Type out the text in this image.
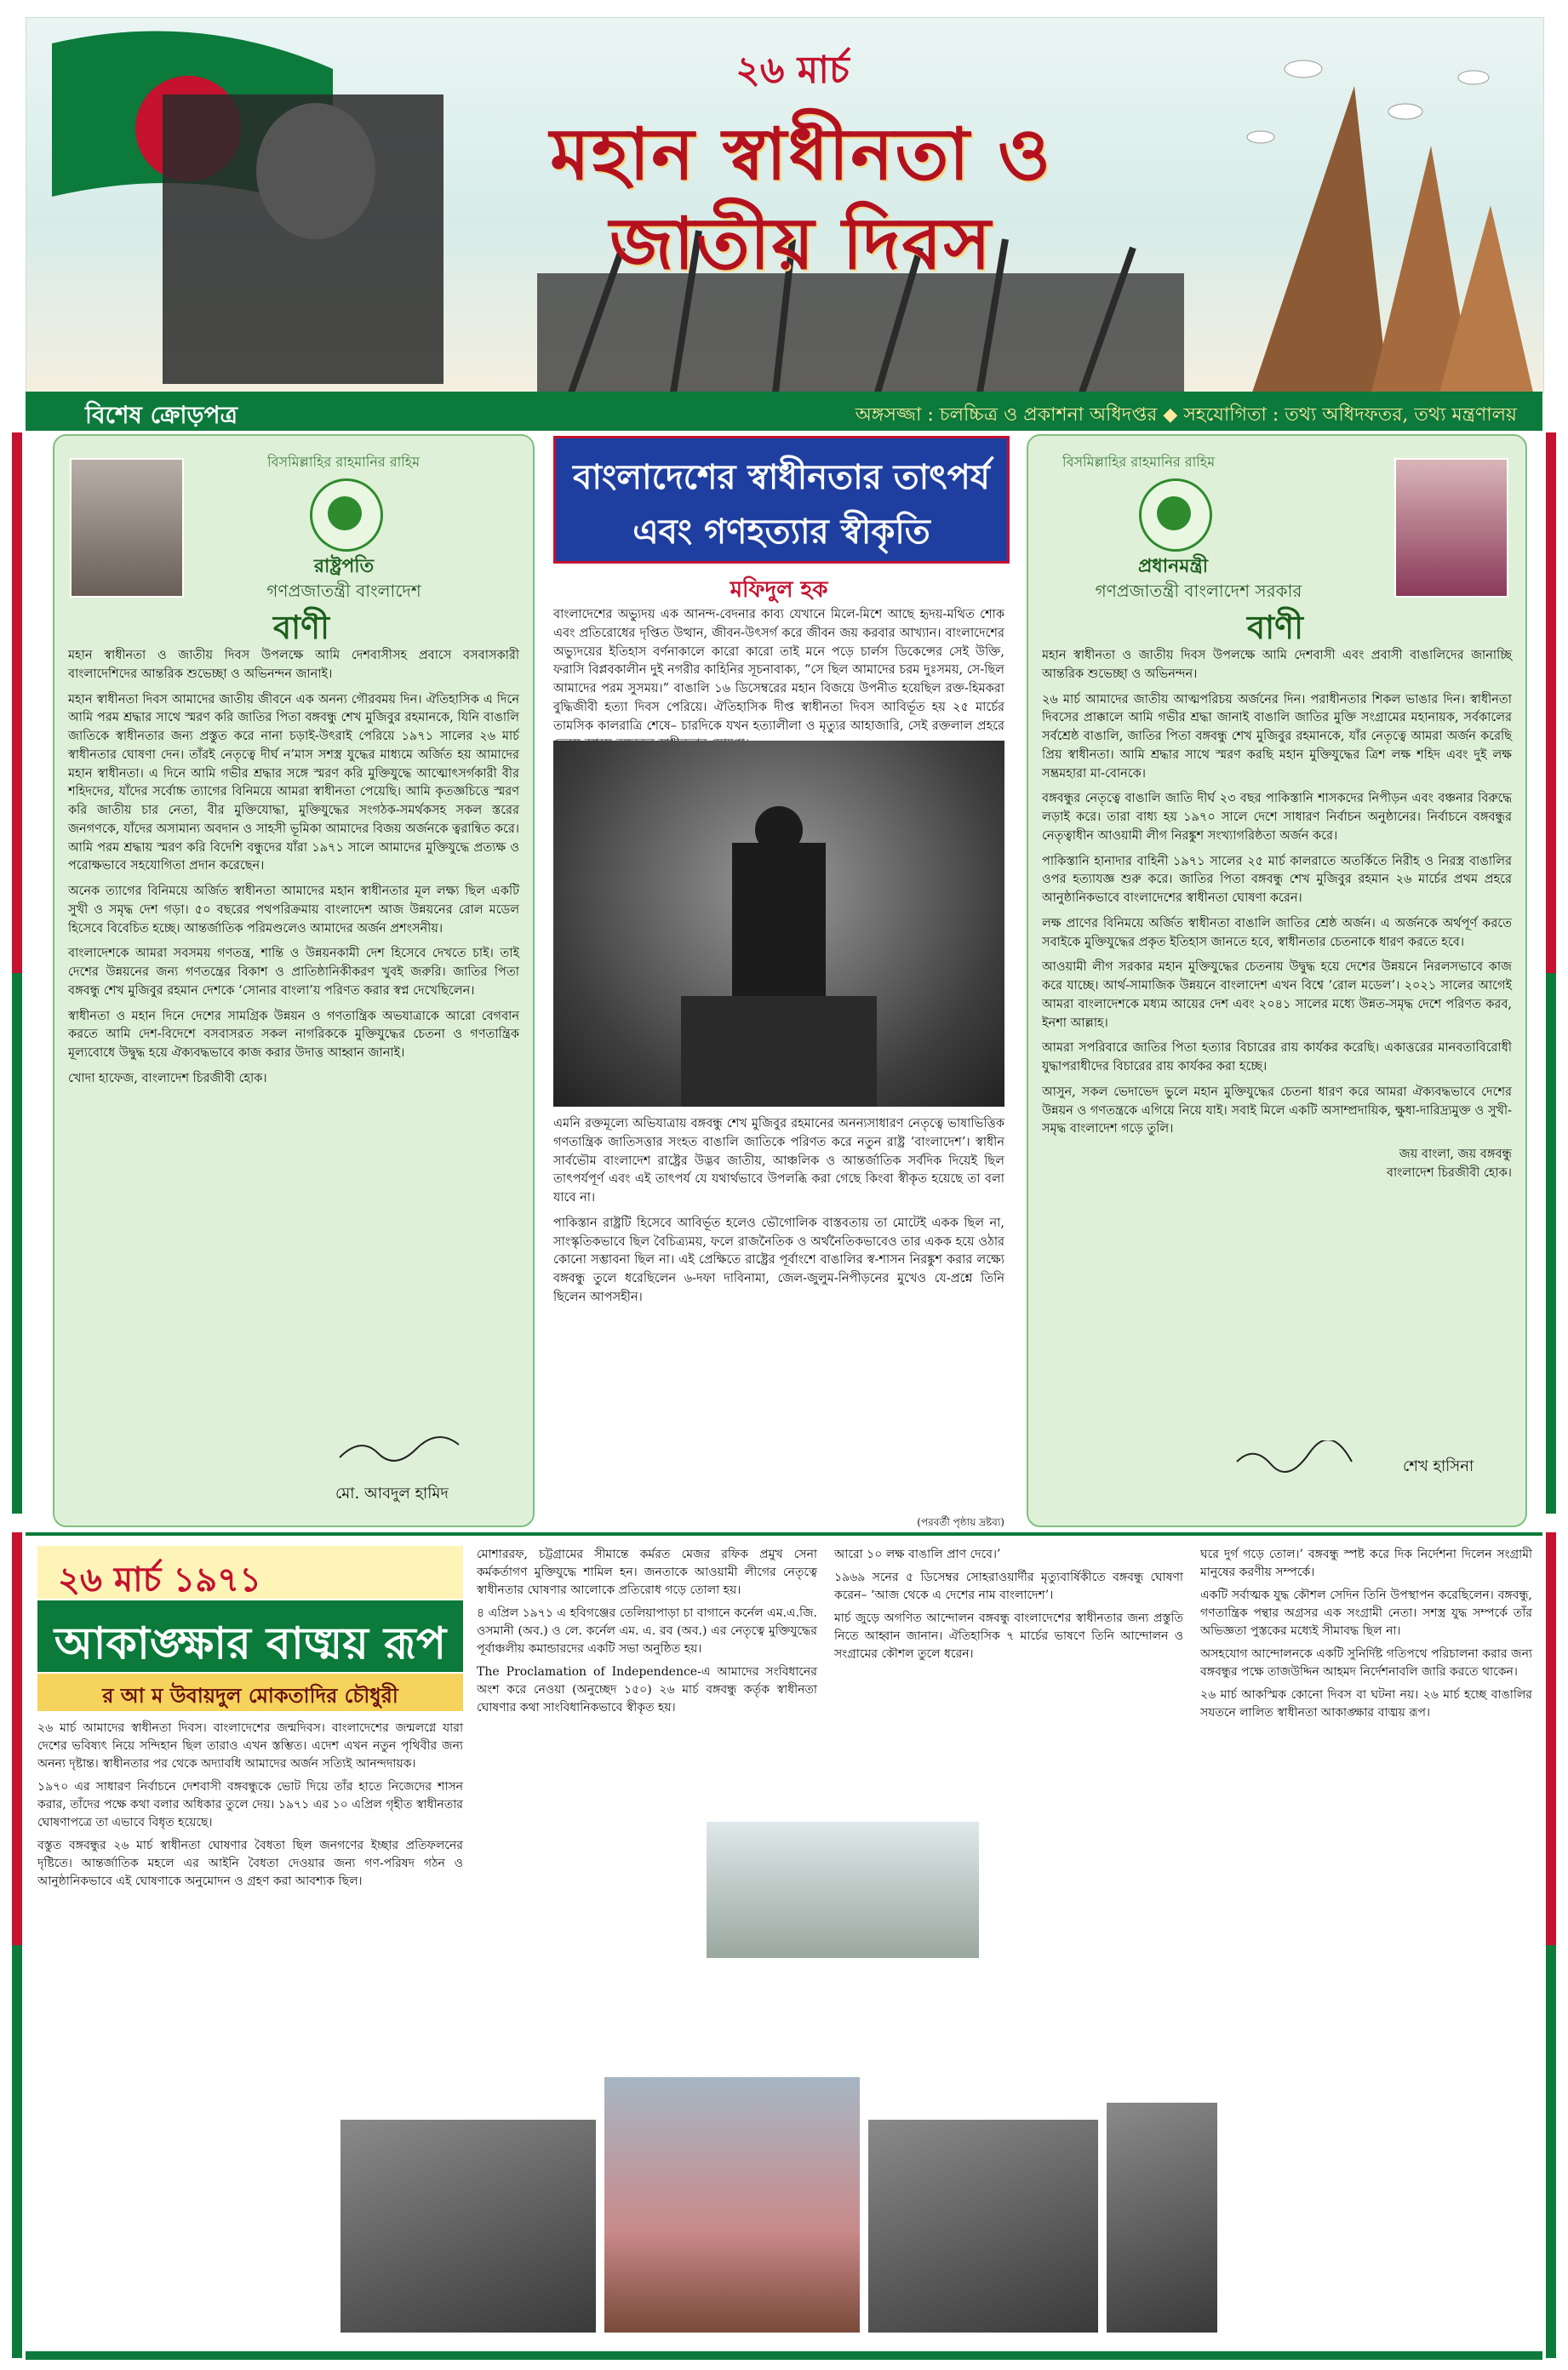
২৬ মার্চ
মহান স্বাধীনতা ও
জাতীয় দিবস
বিশেষ ক্রোড়পত্র	অঙ্গসজ্জা : চলচ্চিত্র ও প্রকাশনা অধিদপ্তর ◆ সহযোগিতা : তথ্য অধিদফতর, তথ্য মন্ত্রণালয়
বিসমিল্লাহির রাহমানির রাহিম
রাষ্ট্রপতি
গণপ্রজাতন্ত্রী বাংলাদেশ
বাণী

মহান স্বাধীনতা ও জাতীয় দিবস উপলক্ষে আমি দেশবাসীসহ প্রবাসে বসবাসকারী বাংলাদেশিদের আন্তরিক শুভেচ্ছা ও অভিনন্দন জানাই।

মহান স্বাধীনতা দিবস আমাদের জাতীয় জীবনে এক অনন্য গৌরবময় দিন। ঐতিহাসিক এ দিনে আমি পরম শ্রদ্ধার সাথে স্মরণ করি জাতির পিতা বঙ্গবন্ধু শেখ মুজিবুর রহমানকে, যিনি বাঙালি জাতিকে স্বাধীনতার জন্য প্রস্তুত করে নানা চড়াই-উৎরাই পেরিয়ে ১৯৭১ সালের ২৬ মার্চ স্বাধীনতার ঘোষণা দেন। তাঁরই নেতৃত্বে দীর্ঘ ন’মাস সশস্ত্র যুদ্ধের মাধ্যমে অর্জিত হয় আমাদের মহান স্বাধীনতা। এ দিনে আমি গভীর শ্রদ্ধার সঙ্গে স্মরণ করি মুক্তিযুদ্ধে আত্মোৎসর্গকারী বীর শহিদদের, যাঁদের সর্বোচ্চ ত্যাগের বিনিময়ে আমরা স্বাধীনতা পেয়েছি। আমি কৃতজ্ঞচিত্তে স্মরণ করি জাতীয় চার নেতা, বীর মুক্তিযোদ্ধা, মুক্তিযুদ্ধের সংগঠক-সমর্থকসহ সকল স্তরের জনগণকে, যাঁদের অসামান্য অবদান ও সাহসী ভূমিকা আমাদের বিজয় অর্জনকে ত্বরান্বিত করে। আমি পরম শ্রদ্ধায় স্মরণ করি বিদেশি বন্ধুদের যাঁরা ১৯৭১ সালে আমাদের মুক্তিযুদ্ধে প্রত্যক্ষ ও পরোক্ষভাবে সহযোগিতা প্রদান করেছেন।

অনেক ত্যাগের বিনিময়ে অর্জিত স্বাধীনতা আমাদের মহান স্বাধীনতার মূল লক্ষ্য ছিল একটি সুখী ও সমৃদ্ধ দেশ গড়া। ৫০ বছরের পথপরিক্রমায় বাংলাদেশ আজ উন্নয়নের রোল মডেল হিসেবে বিবেচিত হচ্ছে। আন্তর্জাতিক পরিমণ্ডলেও আমাদের অর্জন প্রশংসনীয়।

বাংলাদেশকে আমরা সবসময় গণতন্ত্র, শান্তি ও উন্নয়নকামী দেশ হিসেবে দেখতে চাই। তাই দেশের উন্নয়নের জন্য গণতন্ত্রের বিকাশ ও প্রাতিষ্ঠানিকীকরণ খুবই জরুরি। জাতির পিতা বঙ্গবন্ধু শেখ মুজিবুর রহমান দেশকে ‘সোনার বাংলা’য় পরিণত করার স্বপ্ন দেখেছিলেন।

স্বাধীনতা ও মহান দিনে দেশের সামগ্রিক উন্নয়ন ও গণতান্ত্রিক অভযাত্রাকে আরো বেগবান করতে আমি দেশ-বিদেশে বসবাসরত সকল নাগরিককে মুক্তিযুদ্ধের চেতনা ও গণতান্ত্রিক মূল্যবোধে উদ্বুদ্ধ হয়ে ঐক্যবদ্ধভাবে কাজ করার উদাত্ত আহ্বান জানাই।

খোদা হাফেজ, বাংলাদেশ চিরজীবী হোক।

মো. আবদুল হামিদ
বাংলাদেশের স্বাধীনতার তাৎপর্য
এবং গণহত্যার স্বীকৃতি
মফিদুল হক
বাংলাদেশের অভ্যুদয় এক আনন্দ-বেদনার কাব্য যেখানে মিলে-মিশে আছে হৃদয়-মথিত শোক এবং প্রতিরোধের দৃপ্তিত উত্থান, জীবন-উৎসর্গ করে জীবন জয় করবার আখ্যান। বাংলাদেশের অভ্যুদয়ের ইতিহাস বর্ণনাকালে কারো কারো তাই মনে পড়ে চার্লস ডিকেন্সের সেই উক্তি, ফরাসি বিপ্লবকালীন দুই নগরীর কাহিনির সূচনাবাক্য, “সে ছিল আমাদের চরম দুঃসময়, সে-ছিল আমাদের পরম সুসময়।” বাঙালি ১৬ ডিসেম্বরের মহান বিজয়ে উপনীত হয়েছিল রক্ত-হিমকরা বুদ্ধিজীবী হত্যা দিবস পেরিয়ে। ঐতিহাসিক দীপ্ত স্বাধীনতা দিবস আবির্ভূত হয় ২৫ মার্চের তামসিক কালরাত্রি শেষে– চারদিকে যখন হত্যালীলা ও মৃত্যুর আহাজারি, সেই রক্তলাল প্রহরে

এমনি রক্তমূল্যে অভিযাত্রায় বঙ্গবন্ধু শেখ মুজিবুর রহমানের অনন্যসাধারণ নেতৃত্বে ভাষাভিত্তিক গণতান্ত্রিক জাতিসত্তার সংহত বাঙালি জাতিকে পরিণত করে নতুন রাষ্ট্র ‘বাংলাদেশ’। স্বাধীন সার্বভৌম বাংলাদেশ রাষ্ট্রের উদ্ভব জাতীয়, আঞ্চলিক ও আন্তর্জাতিক সর্বদিক দিয়েই ছিল তাৎপর্যপূর্ণ এবং এই তাৎপর্য যে যথার্থভাবে উপলব্ধি করা গেছে কিংবা স্বীকৃত হয়েছে তা বলা যাবে না।

পাকিস্তান রাষ্ট্রটি হিসেবে আবির্ভূত হলেও ভৌগোলিক বাস্তবতায় তা মোটেই একক ছিল না, সাংস্কৃতিকভাবে ছিল বৈচিত্র্যময়, ফলে রাজনৈতিক ও অর্থনৈতিকভাবেও তার একক হয়ে ওঠার কোনো সম্ভাবনা ছিল না। এই প্রেক্ষিতে রাষ্ট্রের পূর্বাংশে বাঙালির স্ব-শাসন নিরঙ্কুশ করার লক্ষ্যে বঙ্গবন্ধু তুলে ধরেছিলেন ৬-দফা দাবিনামা, জেল-জুলুম-নিপীড়নের মুখেও যে-প্রশ্নে তিনি ছিলেন আপসহীন।

(পরবর্তী পৃষ্ঠায় দ্রষ্টব্য)
বিসমিল্লাহির রাহমানির রাহিম
প্রধানমন্ত্রী
গণপ্রজাতন্ত্রী বাংলাদেশ সরকার
বাণী

মহান স্বাধীনতা ও জাতীয় দিবস উপলক্ষে আমি দেশবাসী এবং প্রবাসী বাঙালিদের জানাচ্ছি আন্তরিক শুভেচ্ছা ও অভিনন্দন।

২৬ মার্চ আমাদের জাতীয় আত্মপরিচয় অর্জনের দিন। পরাধীনতার শিকল ভাঙার দিন। স্বাধীনতা দিবসের প্রাক্কালে আমি গভীর শ্রদ্ধা জানাই বাঙালি জাতির মুক্তি সংগ্রামের মহানায়ক, সর্বকালের সর্বশ্রেষ্ঠ বাঙালি, জাতির পিতা বঙ্গবন্ধু শেখ মুজিবুর রহমানকে, যাঁর নেতৃত্বে আমরা অর্জন করেছি প্রিয় স্বাধীনতা। আমি শ্রদ্ধার সাথে স্মরণ করছি মহান মুক্তিযুদ্ধের ত্রিশ লক্ষ শহিদ এবং দুই লক্ষ সম্ভ্রমহারা মা-বোনকে।

বঙ্গবন্ধুর নেতৃত্বে বাঙালি জাতি দীর্ঘ ২৩ বছর পাকিস্তানি শাসকদের নিপীড়ন এবং বঞ্চনার বিরুদ্ধে লড়াই করে। তারা বাধ্য হয় ১৯৭০ সালে দেশে সাধারণ নির্বাচন অনুষ্ঠানের। নির্বাচনে বঙ্গবন্ধুর নেতৃত্বাধীন আওয়ামী লীগ নিরঙ্কুশ সংখ্যাগরিষ্ঠতা অর্জন করে।

পাকিস্তানি হানাদার বাহিনী ১৯৭১ সালের ২৫ মার্চ কালরাতে অতর্কিতে নিরীহ ও নিরস্ত্র বাঙালির ওপর হত্যাযজ্ঞ শুরু করে। জাতির পিতা বঙ্গবন্ধু শেখ মুজিবুর রহমান ২৬ মার্চের প্রথম প্রহরে আনুষ্ঠানিকভাবে বাংলাদেশের স্বাধীনতা ঘোষণা করেন।

লক্ষ প্রাণের বিনিময়ে অর্জিত স্বাধীনতা বাঙালি জাতির শ্রেষ্ঠ অর্জন। এ অর্জনকে অর্থপূর্ণ করতে সবাইকে মুক্তিযুদ্ধের প্রকৃত ইতিহাস জানতে হবে, স্বাধীনতার চেতনাকে ধারণ করতে হবে।

আওয়ামী লীগ সরকার মহান মুক্তিযুদ্ধের চেতনায় উদ্বুদ্ধ হয়ে দেশের উন্নয়নে নিরলসভাবে কাজ করে যাচ্ছে। আর্থ-সামাজিক উন্নয়নে বাংলাদেশ এখন বিশ্বে ‘রোল মডেল’। ২০২১ সালের আগেই আমরা বাংলাদেশকে মধ্যম আয়ের দেশ এবং ২০৪১ সালের মধ্যে উন্নত-সমৃদ্ধ দেশে পরিণত করব, ইনশা আল্লাহ।

আমরা সপরিবারে জাতির পিতা হত্যার বিচারের রায় কার্যকর করেছি। একাত্তরের মানবতাবিরোধী যুদ্ধাপরাধীদের বিচারের রায় কার্যকর করা হচ্ছে।

আসুন, সকল ভেদাভেদ ভুলে মহান মুক্তিযুদ্ধের চেতনা ধারণ করে আমরা ঐক্যবদ্ধভাবে দেশের উন্নয়ন ও গণতন্ত্রকে এগিয়ে নিয়ে যাই। সবাই মিলে একটি অসাম্প্রদায়িক, ক্ষুধা-দারিদ্র্যমুক্ত ও সুখী-সমৃদ্ধ বাংলাদেশ গড়ে তুলি।

জয় বাংলা, জয় বঙ্গবন্ধু

বাংলাদেশ চিরজীবী হোক।

শেখ হাসিনা
২৬ মার্চ ১৯৭১
আকাঙ্ক্ষার বাঙ্ময় রূপ
র আ ম উবায়দুল মোকতাদির চৌধুরী

২৬ মার্চ আমাদের স্বাধীনতা দিবস। বাংলাদেশের জন্মদিবস। বাংলাদেশের জন্মলগ্নে যারা দেশের ভবিষ্যৎ নিয়ে সন্দিহান ছিল তারাও এখন স্তম্ভিত। এদেশ এখন নতুন পৃথিবীর জন্য অনন্য দৃষ্টান্ত। স্বাধীনতার পর থেকে অদ্যাবধি আমাদের অর্জন সত্যিই আনন্দদায়ক।

১৯৭০ এর সাধারণ নির্বাচনে দেশবাসী বঙ্গবন্ধুকে ভোট দিয়ে তাঁর হাতে নিজেদের শাসন করার, তাঁদের পক্ষে কথা বলার অধিকার তুলে দেয়। ১৯৭১ এর ১০ এপ্রিল গৃহীত স্বাধীনতার ঘোষণাপত্রে তা এভাবে বিধৃত হয়েছে।

বস্তুত বঙ্গবন্ধুর ২৬ মার্চ স্বাধীনতা ঘোষণার বৈধতা ছিল জনগণের ইচ্ছার প্রতিফলনের দৃষ্টিতে। আন্তর্জাতিক মহলে এর আইনি বৈধতা দেওয়ার জন্য গণ-পরিষদ গঠন ও আনুষ্ঠানিকভাবে এই ঘোষণাকে অনুমোদন ও গ্রহণ করা আবশ্যক ছিল।

মোশাররফ, চট্টগ্রামের সীমান্তে কর্মরত মেজর রফিক প্রমুখ সেনা কর্মকর্তাগণ মুক্তিযুদ্ধে শামিল হন। জনতাকে আওয়ামী লীগের নেতৃত্বে স্বাধীনতার ঘোষণার আলোকে প্রতিরোধ গড়ে তোলা হয়।

৪ এপ্রিল ১৯৭১ এ হবিগঞ্জের তেলিয়াপাড়া চা বাগানে কর্নেল এম.এ.জি. ওসমানী (অব.) ও লে. কর্নেল এম. এ. রব (অব.) এর নেতৃত্বে মুক্তিযুদ্ধের পূর্বাঞ্চলীয় কমান্ডারদের একটি সভা অনুষ্ঠিত হয়।

The Proclamation of Independence-এ আমাদের সংবিধানের অংশ করে নেওয়া (অনুচ্ছেদ ১৫০) ২৬ মার্চ বঙ্গবন্ধু কর্তৃক স্বাধীনতা ঘোষণার কথা সাংবিধানিকভাবে স্বীকৃত হয়।

আরো ১০ লক্ষ বাঙালি প্রাণ দেবে।’

১৯৬৯ সনের ৫ ডিসেম্বর সোহরাওয়ার্দীর মৃত্যুবার্ষিকীতে বঙ্গবন্ধু ঘোষণা করেন– ‘আজ থেকে এ দেশের নাম বাংলাদেশ’।

মার্চ জুড়ে অগণিত আন্দোলন বঙ্গবন্ধু বাংলাদেশের স্বাধীনতার জন্য প্রস্তুতি নিতে আহ্বান জানান। ঐতিহাসিক ৭ মার্চের ভাষণে তিনি আন্দোলন ও সংগ্রামের কৌশল তুলে ধরেন।

ঘরে দুর্গ গড়ে তোল।’ বঙ্গবন্ধু স্পষ্ট করে দিক নির্দেশনা দিলেন সংগ্রামী মানুষের করণীয় সম্পর্কে।

একটি সর্বাত্মক যুদ্ধ কৌশল সেদিন তিনি উপস্থাপন করেছিলেন। বঙ্গবন্ধু, গণতান্ত্রিক পন্থার অগ্রসর এক সংগ্রামী নেতা। সশস্ত্র যুদ্ধ সম্পর্কে তাঁর অভিজ্ঞতা পুস্তকের মধ্যেই সীমাবদ্ধ ছিল না।

অসহযোগ আন্দোলনকে একটি সুনির্দিষ্ট গতিপথে পরিচালনা করার জন্য বঙ্গবন্ধুর পক্ষে তাজউদ্দিন আহমদ নির্দেশনাবলি জারি করতে থাকেন।

২৬ মার্চ আকস্মিক কোনো দিবস বা ঘটনা নয়। ২৬ মার্চ হচ্ছে বাঙালির সযতনে লালিত স্বাধীনতা আকাঙ্ক্ষার বাঙ্ময় রূপ।
